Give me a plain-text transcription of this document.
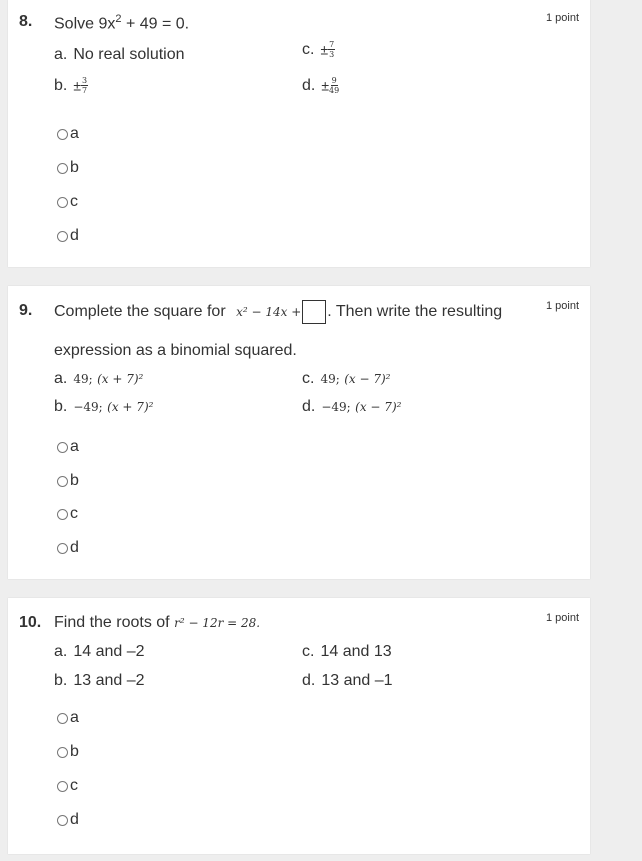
8.	1 point
Solve $9x^2 + 49 = 0$.
a. No real solution	c. ± $\frac{7}{3}$
b. ± $\frac{3}{7}$	d. ± $\frac{9}{49}$
a
b
c
d
9.	1 point
Complete the square for x² − 14x + . Then write the resulting
expression as a binomial squared.
a. 49; (x + 7)²	c. 49; (x − 7)²
b. −49; (x + 7)²	d. −49; (x − 7)²
a
b
c
d
10.	1 point
Find the roots of r² − 12r = 28.
a. 14 and –2	c. 14 and 13
b. 13 and –2	d. 13 and –1
a
b
c
d
